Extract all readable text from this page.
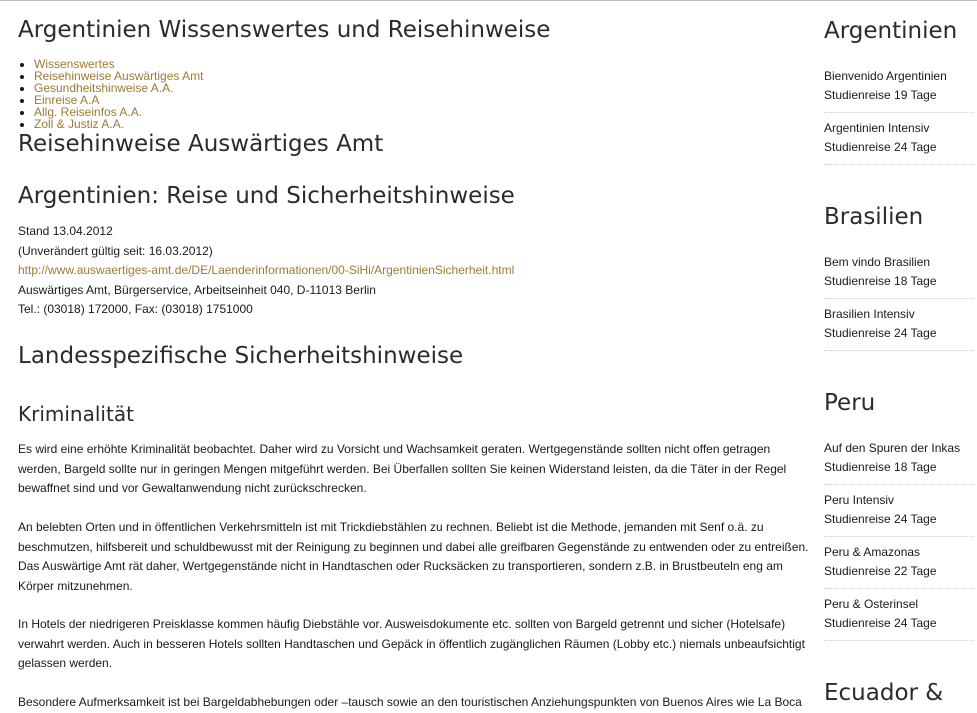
Argentinien Wissenswertes und Reisehinweise
• Wissenswertes
• Reisehinweise Auswärtiges Amt
• Gesundheitshinweise A.A.
• Einreise A.A
• Allg. Reiseinfos A.A.
• Zoll & Justiz A.A.
Reisehinweise Auswärtiges Amt
Argentinien: Reise und Sicherheitshinweise
Stand 13.04.2012
(Unverändert gültig seit: 16.03.2012)
http://www.auswaertiges-amt.de/DE/Laenderinformationen/00-SiHi/ArgentinienSicherheit.html
Auswärtiges Amt, Bürgerservice, Arbeitseinheit 040, D-11013 Berlin
Tel.: (03018) 172000, Fax: (03018) 1751000
Landesspezifische Sicherheitshinweise
Kriminalität

Es wird eine erhöhte Kriminalität beobachtet. Daher wird zu Vorsicht und Wachsamkeit geraten. Wertgegenstände sollten nicht offen getragen werden, Bargeld sollte nur in geringen Mengen mitgeführt werden. Bei Überfallen sollten Sie keinen Widerstand leisten, da die Täter in der Regel bewaffnet sind und vor Gewaltanwendung nicht zurückschrecken.

An belebten Orten und in öffentlichen Verkehrsmitteln ist mit Trickdiebstählen zu rechnen. Beliebt ist die Methode, jemanden mit Senf o.ä. zu beschmutzen, hilfsbereit und schuldbewusst mit der Reinigung zu beginnen und dabei alle greifbaren Gegenstände zu entwenden oder zu entreißen. Das Auswärtige Amt rät daher, Wertgegenstände nicht in Handtaschen oder Rucksäcken zu transportieren, sondern z.B. in Brustbeuteln eng am Körper mitzunehmen.

In Hotels der niedrigeren Preisklasse kommen häufig Diebstähle vor. Ausweisdokumente etc. sollten von Bargeld getrennt und sicher (Hotelsafe) verwahrt werden. Auch in besseren Hotels sollten Handtaschen und Gepäck in öffentlich zugänglichen Räumen (Lobby etc.) niemals unbeaufsichtigt gelassen werden.

Besondere Aufmerksamkeit ist bei Bargeldabhebungen oder –tausch sowie an den touristischen Anziehungspunkten von Buenos Aires wie La Boca

Argentinien
Bienvenido Argentinien
Studienreise 19 Tage
Argentinien Intensiv
Studienreise 24 Tage
Brasilien
Bem vindo Brasilien
Studienreise 18 Tage
Brasilien Intensiv
Studienreise 24 Tage
Peru
Auf den Spuren der Inkas
Studienreise 18 Tage
Peru Intensiv
Studienreise 24 Tage
Peru & Amazonas
Studienreise 22 Tage
Peru & Osterinsel
Studienreise 24 Tage
Ecuador &
